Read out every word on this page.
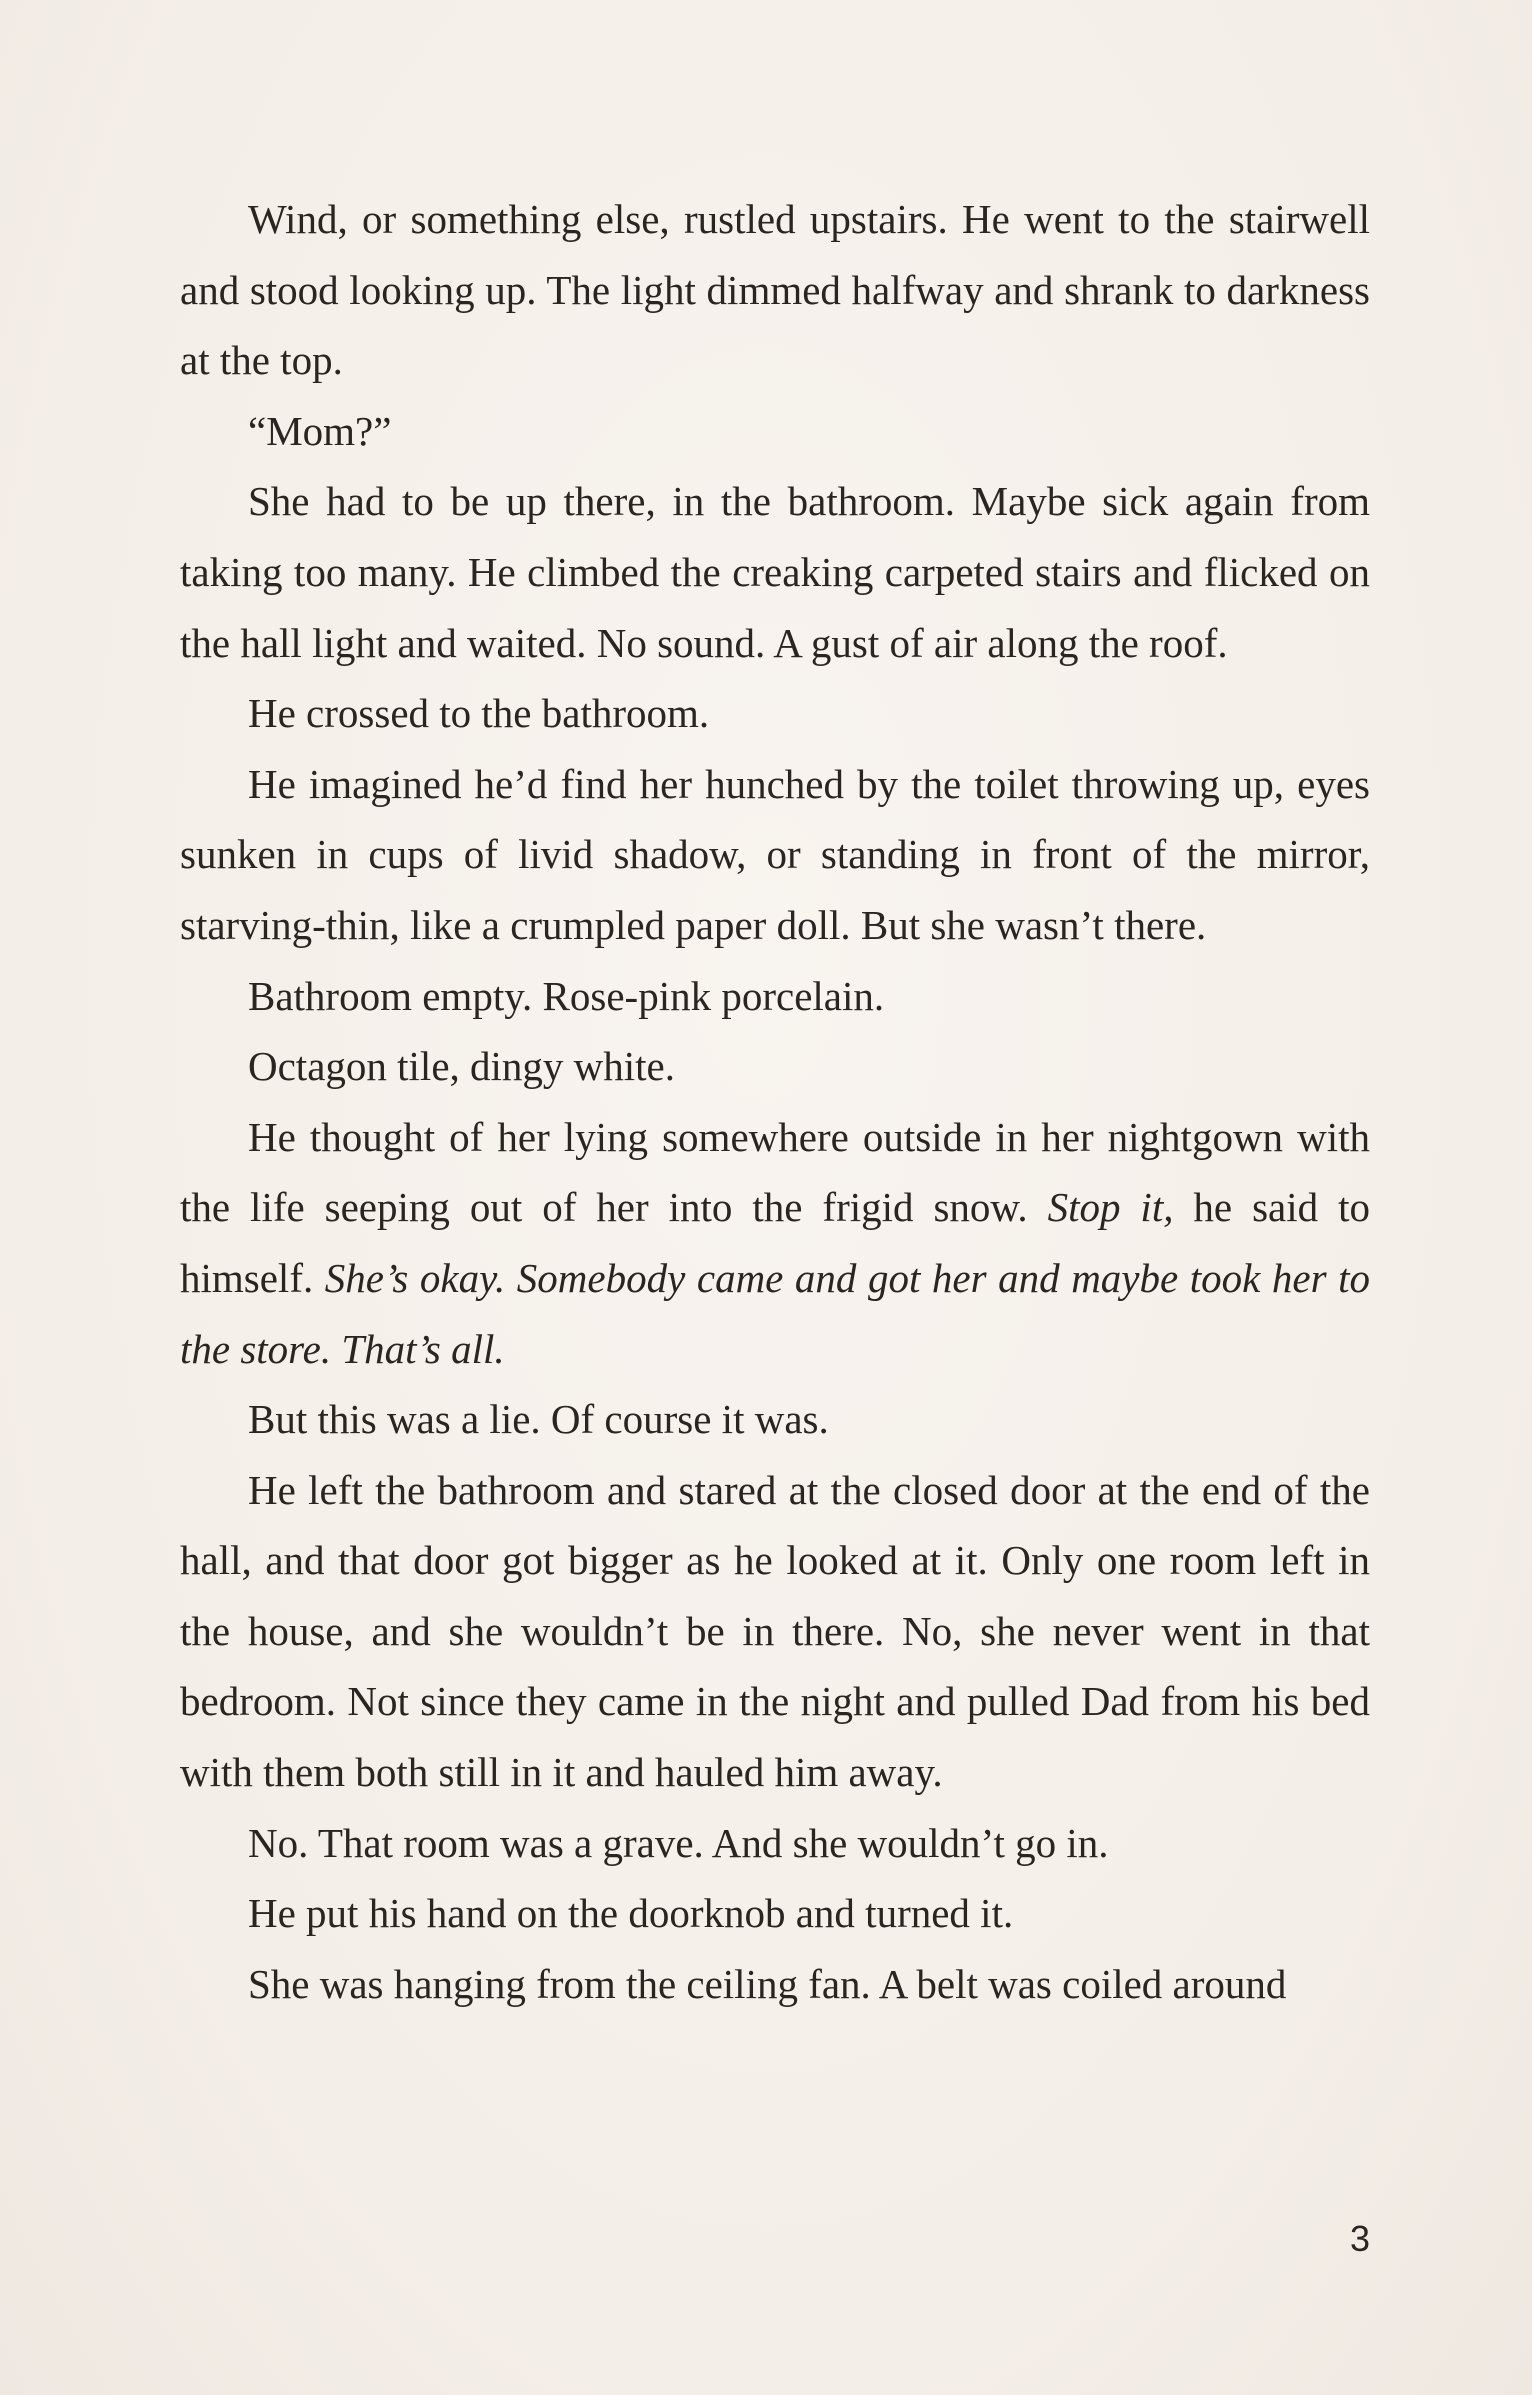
Wind, or something else, rustled upstairs. He went to the stairwell and stood looking up. The light dimmed halfway and shrank to darkness at the top.

“Mom?”

She had to be up there, in the bathroom. Maybe sick again from taking too many. He climbed the creaking carpeted stairs and flicked on the hall light and waited. No sound. A gust of air along the roof.

He crossed to the bathroom.

He imagined he’d find her hunched by the toilet throwing up, eyes sunken in cups of livid shadow, or standing in front of the mirror, starving-thin, like a crumpled paper doll. But she wasn’t there.

Bathroom empty. Rose-pink porcelain.

Octagon tile, dingy white.

He thought of her lying somewhere outside in her nightgown with the life seeping out of her into the frigid snow. Stop it, he said to himself. She’s okay. Somebody came and got her and maybe took her to the store. That’s all.

But this was a lie. Of course it was.

He left the bathroom and stared at the closed door at the end of the hall, and that door got bigger as he looked at it. Only one room left in the house, and she wouldn’t be in there. No, she never went in that bedroom. Not since they came in the night and pulled Dad from his bed with them both still in it and hauled him away.

No. That room was a grave. And she wouldn’t go in.

He put his hand on the doorknob and turned it.

She was hanging from the ceiling fan. A belt was coiled around

3
